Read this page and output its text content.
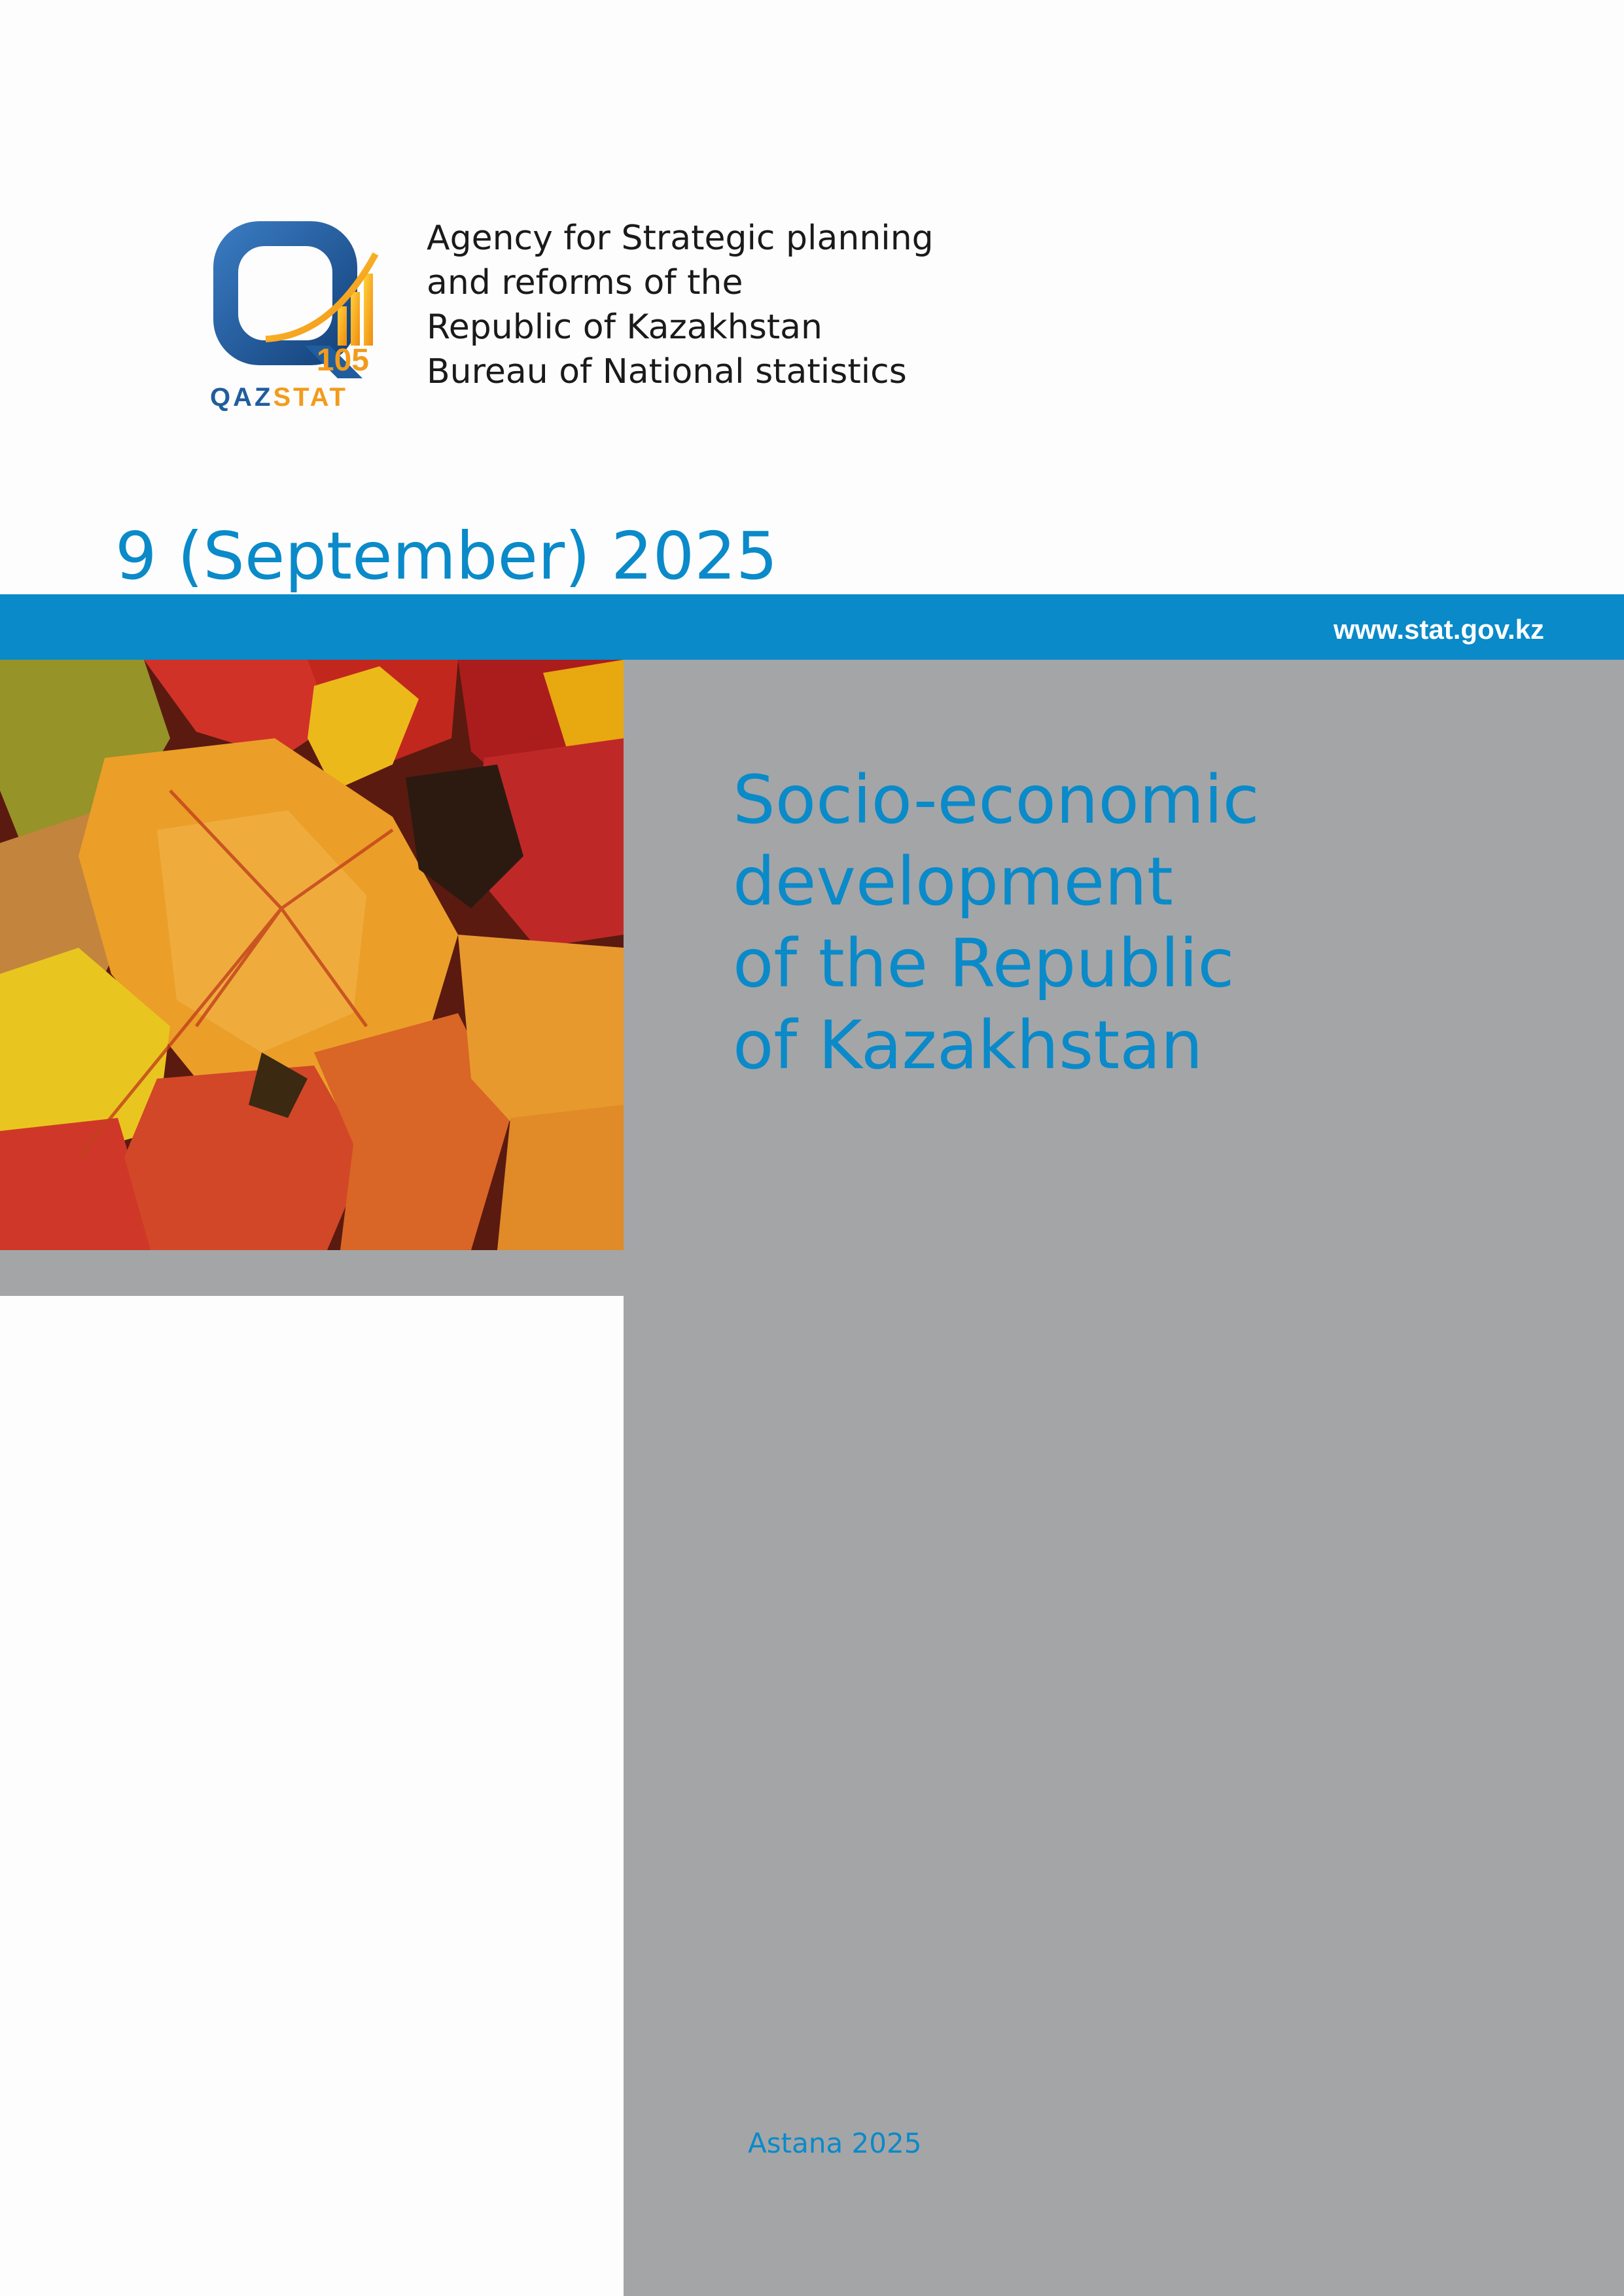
105
QAZSTAT
Agency for Strategic planning
and reforms of the
Republic of Kazakhstan
Bureau of National statistics
9 (September) 2025
www.stat.gov.kz
Socio-economic
development
of the Republic
of Kazakhstan
Astana 2025
